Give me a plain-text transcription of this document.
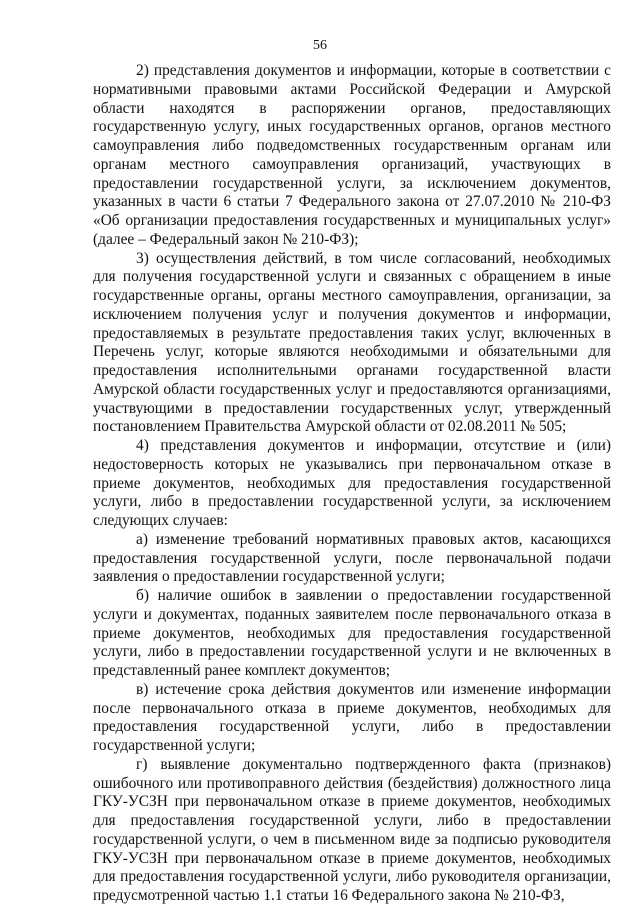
56

2) представления документов и информации, которые в соответствии с нормативными правовыми актами Российской Федерации и Амурской области находятся в распоряжении органов, предоставляющих государственную услугу, иных государственных органов, органов местного самоуправления либо подведомственных государственным органам или органам местного самоуправления организаций, участвующих в предоставлении государственной услуги, за исключением документов, указанных в части 6 статьи 7 Федерального закона от 27.07.2010 № 210-ФЗ «Об организации предоставления государственных и муниципальных услуг» (далее – Федеральный закон № 210-ФЗ);

3) осуществления действий, в том числе согласований, необходимых для получения государственной услуги и связанных с обращением в иные государственные органы, органы местного самоуправления, организации, за исключением получения услуг и получения документов и информации, предоставляемых в результате предоставления таких услуг, включенных в Перечень услуг, которые являются необходимыми и обязательными для предоставления исполнительными органами государственной власти Амурской области государственных услуг и предоставляются организациями, участвующими в предоставлении государственных услуг, утвержденный постановлением Правительства Амурской области от 02.08.2011 № 505;

4) представления документов и информации, отсутствие и (или) недостоверность которых не указывались при первоначальном отказе в приеме документов, необходимых для предоставления государственной услуги, либо в предоставлении государственной услуги, за исключением следующих случаев:

а) изменение требований нормативных правовых актов, касающихся предоставления государственной услуги, после первоначальной подачи заявления о предоставлении государственной услуги;

б) наличие ошибок в заявлении о предоставлении государственной услуги и документах, поданных заявителем после первоначального отказа в приеме документов, необходимых для предоставления государственной услуги, либо в предоставлении государственной услуги и не включенных в представленный ранее комплект документов;

в) истечение срока действия документов или изменение информации после первоначального отказа в приеме документов, необходимых для предоставления государственной услуги, либо в предоставлении государственной услуги;

г) выявление документально подтвержденного факта (признаков) ошибочного или противоправного действия (бездействия) должностного лица ГКУ-УСЗН при первоначальном отказе в приеме документов, необходимых для предоставления государственной услуги, либо в предоставлении государственной услуги, о чем в письменном виде за подписью руководителя ГКУ-УСЗН при первоначальном отказе в приеме документов, необходимых для предоставления государственной услуги, либо руководителя организации, предусмотренной частью 1.1 статьи 16 Федерального закона № 210-ФЗ,
